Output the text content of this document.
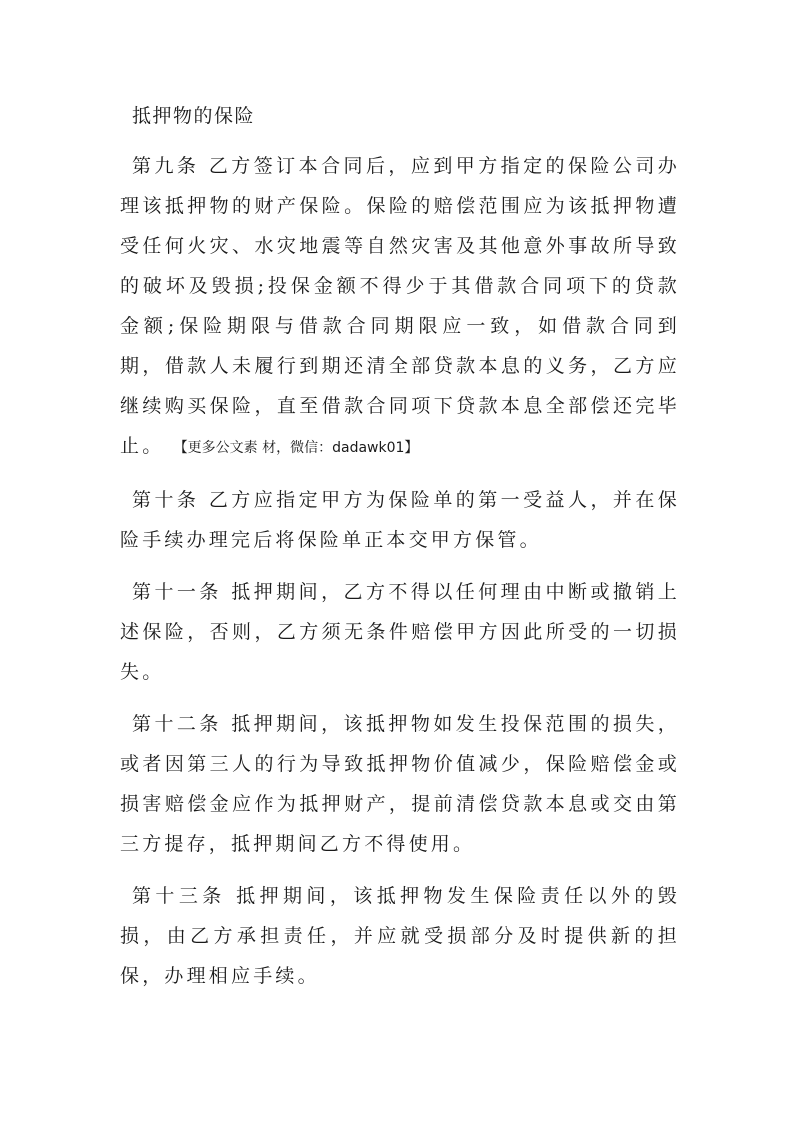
抵押物的保险

第九条 乙方签订本合同后，应到甲方指定的保险公司办理该抵押物的财产保险。保险的赔偿范围应为该抵押物遭受任何火灾、水灾地震等自然灾害及其他意外事故所导致的破坏及毁损;投保金额不得少于其借款合同项下的贷款金额;保险期限与借款合同期限应一致，如借款合同到期，借款人未履行到期还清全部贷款本息的义务，乙方应继续购买保险，直至借款合同项下贷款本息全部偿还完毕止。 【更多公文素 材，微信：dadawk01】

第十条 乙方应指定甲方为保险单的第一受益人，并在保险手续办理完后将保险单正本交甲方保管。

第十一条 抵押期间，乙方不得以任何理由中断或撤销上述保险，否则，乙方须无条件赔偿甲方因此所受的一切损失。

第十二条 抵押期间，该抵押物如发生投保范围的损失，或者因第三人的行为导致抵押物价值减少，保险赔偿金或损害赔偿金应作为抵押财产，提前清偿贷款本息或交由第三方提存，抵押期间乙方不得使用。

第十三条 抵押期间，该抵押物发生保险责任以外的毁损，由乙方承担责任，并应就受损部分及时提供新的担保，办理相应手续。
